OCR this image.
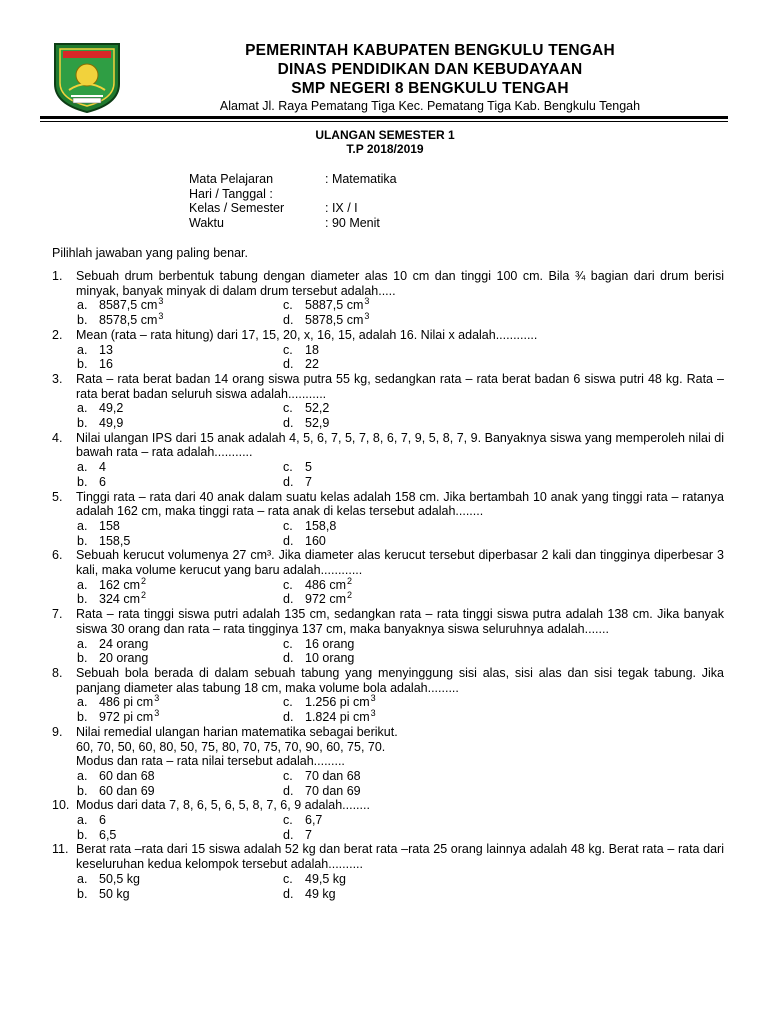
PEMERINTAH KABUPATEN BENGKULU TENGAH
DINAS PENDIDIKAN DAN KEBUDAYAAN
SMP NEGERI 8 BENGKULU TENGAH
Alamat Jl. Raya Pematang Tiga Kec. Pematang Tiga Kab. Bengkulu Tengah
ULANGAN SEMESTER 1
T.P 2018/2019
Mata Pelajaran	: Matematika
Hari / Tanggal :
Kelas / Semester	: IX / I
Waktu	: 90 Menit
Pilihlah jawaban yang paling benar.
1.	Sebuah drum berbentuk tabung dengan diameter alas 10 cm dan tinggi 100 cm. Bila ¾ bagian dari drum berisi minyak, banyak minyak di dalam drum tersebut adalah.....
a. 8587,5 cm 3	c. 5887,5 cm 3
b. 8578,5 cm 3	d. 5878,5 cm 3
2.	Mean (rata – rata hitung) dari 17, 15, 20, x, 16, 15, adalah 16. Nilai x adalah............
a. 13	c. 18
b. 16	d. 22
3.	Rata – rata berat badan 14 orang siswa putra 55 kg, sedangkan rata – rata berat badan 6 siswa putri 48 kg. Rata – rata berat badan seluruh siswa adalah...........
a. 49,2	c. 52,2
b. 49,9	d. 52,9
4.	Nilai ulangan IPS dari 15 anak adalah 4, 5, 6, 7, 5, 7, 8, 6, 7, 9, 5, 8, 7, 9. Banyaknya siswa yang memperoleh nilai di bawah rata – rata adalah...........
a. 4	c. 5
b. 6	d. 7
5.	Tinggi rata – rata dari 40 anak dalam suatu kelas adalah 158 cm. Jika bertambah 10 anak yang tinggi rata – ratanya adalah 162 cm, maka tinggi rata – rata anak di kelas tersebut adalah........
a. 158	c. 158,8
b. 158,5	d. 160
6.	Sebuah kerucut volumenya 27 cm³. Jika diameter alas kerucut tersebut diperbasar 2 kali dan tingginya diperbesar 3 kali, maka volume kerucut yang baru adalah............
a. 162 cm 2	c. 486 cm 2
b. 324 cm 2	d. 972 cm 2
7.	Rata – rata tinggi siswa putri adalah 135 cm, sedangkan rata – rata tinggi siswa putra adalah 138 cm. Jika banyak siswa 30 orang dan rata – rata tingginya 137 cm, maka banyaknya siswa seluruhnya adalah.......
a. 24 orang	c. 16 orang
b. 20 orang	d. 10 orang
8.	Sebuah bola berada di dalam sebuah tabung yang menyinggung sisi alas, sisi alas dan sisi tegak tabung. Jika panjang diameter alas tabung 18 cm, maka volume bola adalah.........
a. 486 pi cm 3	c. 1.256 pi cm 3
b. 972 pi cm 3	d. 1.824 pi cm 3
9.	Nilai remedial ulangan harian matematika sebagai berikut.
60, 70, 50, 60, 80, 50, 75, 80, 70, 75, 70, 90, 60, 75, 70.
Modus dan rata – rata nilai tersebut adalah.........
a. 60 dan 68	c. 70 dan 68
b. 60 dan 69	d. 70 dan 69
10. Modus dari data 7, 8, 6, 5, 6, 5, 8, 7, 6, 9 adalah........
a. 6	c. 6,7
b. 6,5	d. 7
11. Berat rata –rata dari 15 siswa adalah 52 kg dan berat rata –rata 25 orang lainnya adalah 48 kg. Berat rata – rata dari keseluruhan kedua kelompok tersebut adalah..........
a. 50,5 kg	c. 49,5 kg
b. 50 kg	d. 49 kg
